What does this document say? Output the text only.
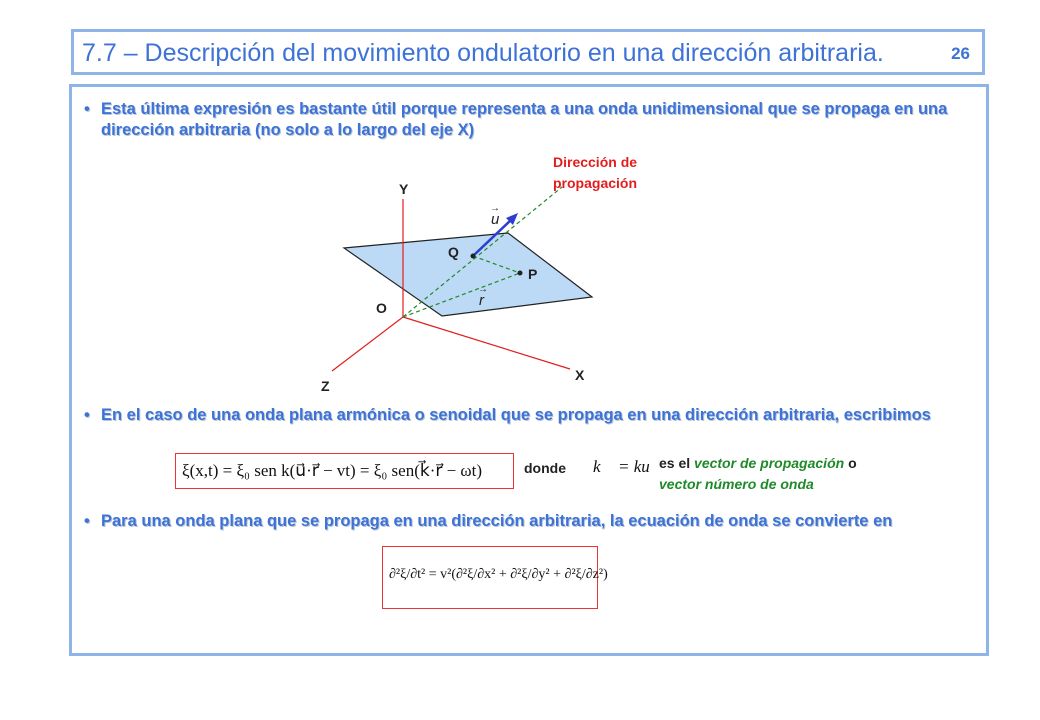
7.7 – Descripción del movimiento ondulatorio en una dirección arbitraria.	26
• Esta última expresión es bastante útil porque representa a una onda unidimensional que se propaga en una dirección arbitraria (no solo a lo largo del eje X)
Y
X
Z
O
Q
P
u
→
r
→
Dirección de
propagación
• En el caso de una onda plana armónica o senoidal que se propaga en una dirección arbitraria, escribimos
ξ(x,t) = ξ₀ sen k(u⃗·r⃗ − vt) = ξ₀ sen(k⃗·r⃗ − ωt)	donde k⃗ = ku⃗
es el vector de propagación o
vector número de onda
• Para una onda plana que se propaga en una dirección arbitraria, la ecuación de onda se convierte en
∂²ξ/∂t² = v²(∂²ξ/∂x² + ∂²ξ/∂y² + ∂²ξ/∂z²)
